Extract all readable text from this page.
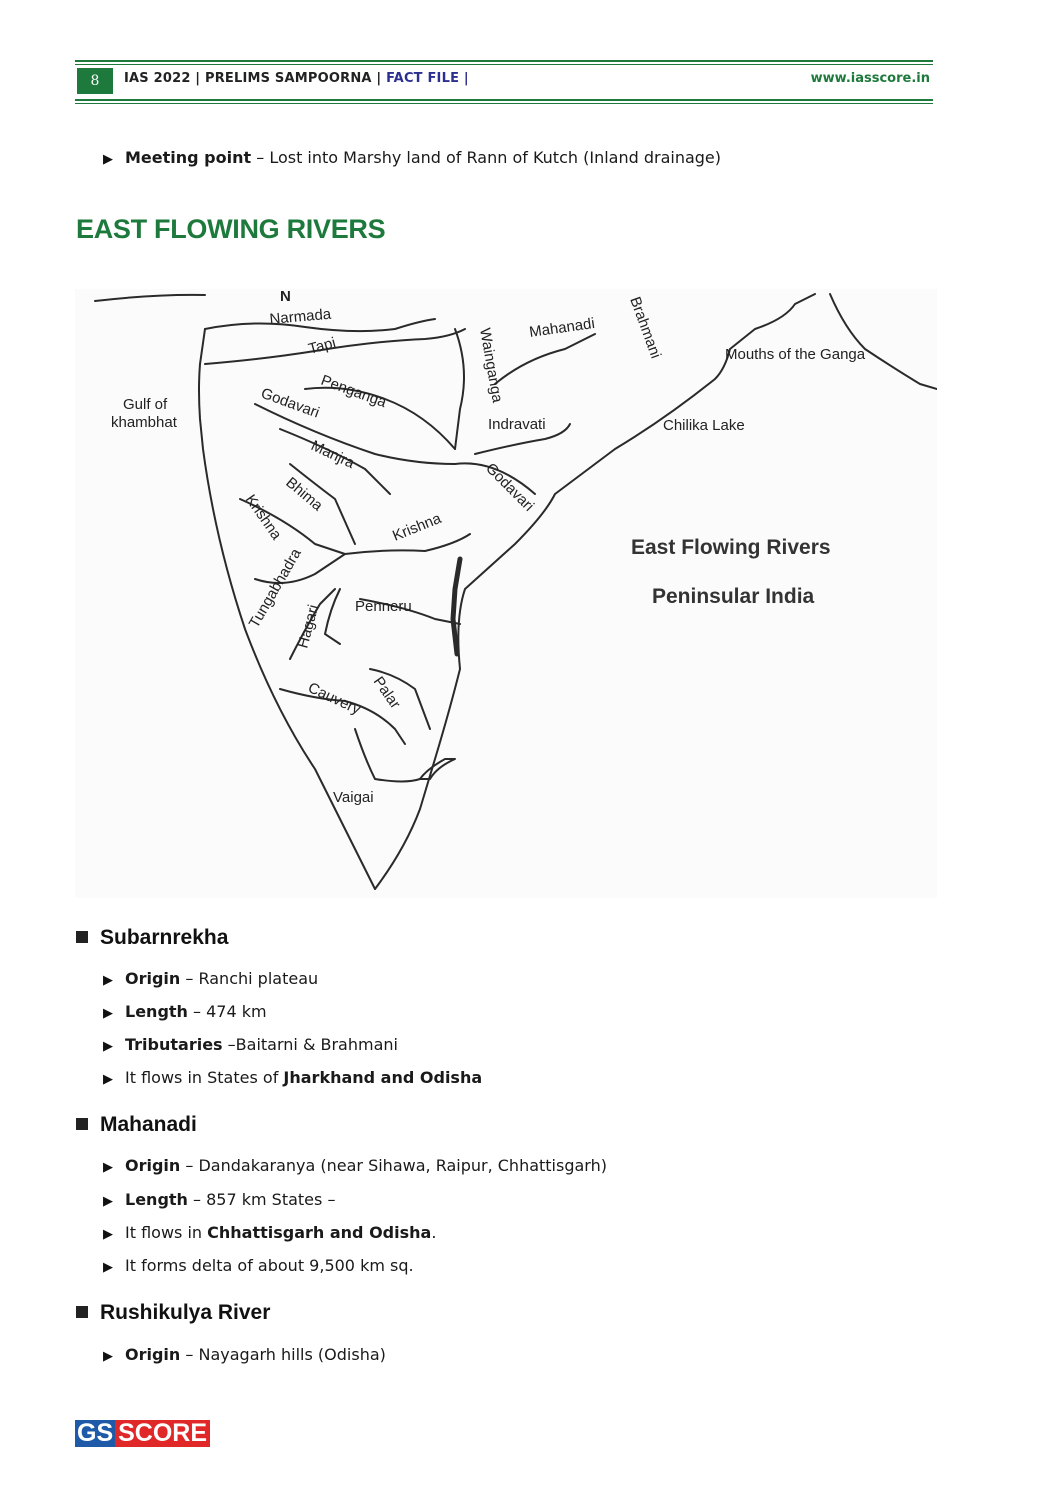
8	IAS 2022 | PRELIMS SAMPOORNA | FACT FILE |	www.iasscore.in
▶ Meeting point – Lost into Marshy land of Rann of Kutch (Inland drainage)
EAST FLOWING RIVERS
N
Narmada
Tapi
Gulf of
khambhat
Penganga
Godavari
Manjra
Bhima
Krishna
Wainganga Mahanadi Brahmani	Mouths of the Ganga
Indravati	Chilika Lake
Godavari
Krishna
Tungabhadra
Hagari Penneru
Cauvery Palar
Vaigai
East Flowing Rivers
Peninsular India
Subarnrekha
▶ Origin – Ranchi plateau
▶ Length – 474 km
▶ Tributaries –Baitarni & Brahmani
▶ It flows in States of Jharkhand and Odisha
Mahanadi
▶ Origin – Dandakaranya (near Sihawa, Raipur, Chhattisgarh)
▶ Length – 857 km States –
▶ It flows in Chhattisgarh and Odisha.
▶ It forms delta of about 9,500 km sq.
Rushikulya River
▶ Origin – Nayagarh hills (Odisha)
GS SCORE
